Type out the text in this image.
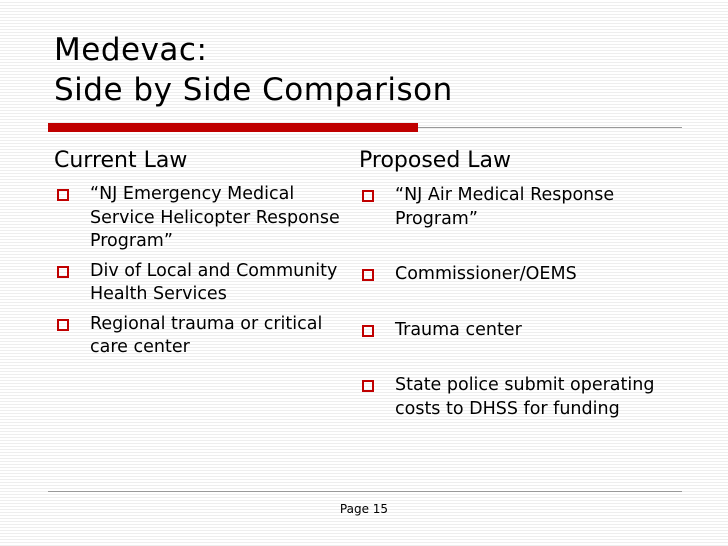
Medevac:
Side by Side Comparison
Current Law
“NJ Emergency Medical Service Helicopter Response Program”
Div of Local and Community Health Services
Regional trauma or critical care center
Proposed Law
“NJ Air Medical Response Program”
Commissioner/OEMS
Trauma center
State police submit operating costs to DHSS for funding
Page 15
